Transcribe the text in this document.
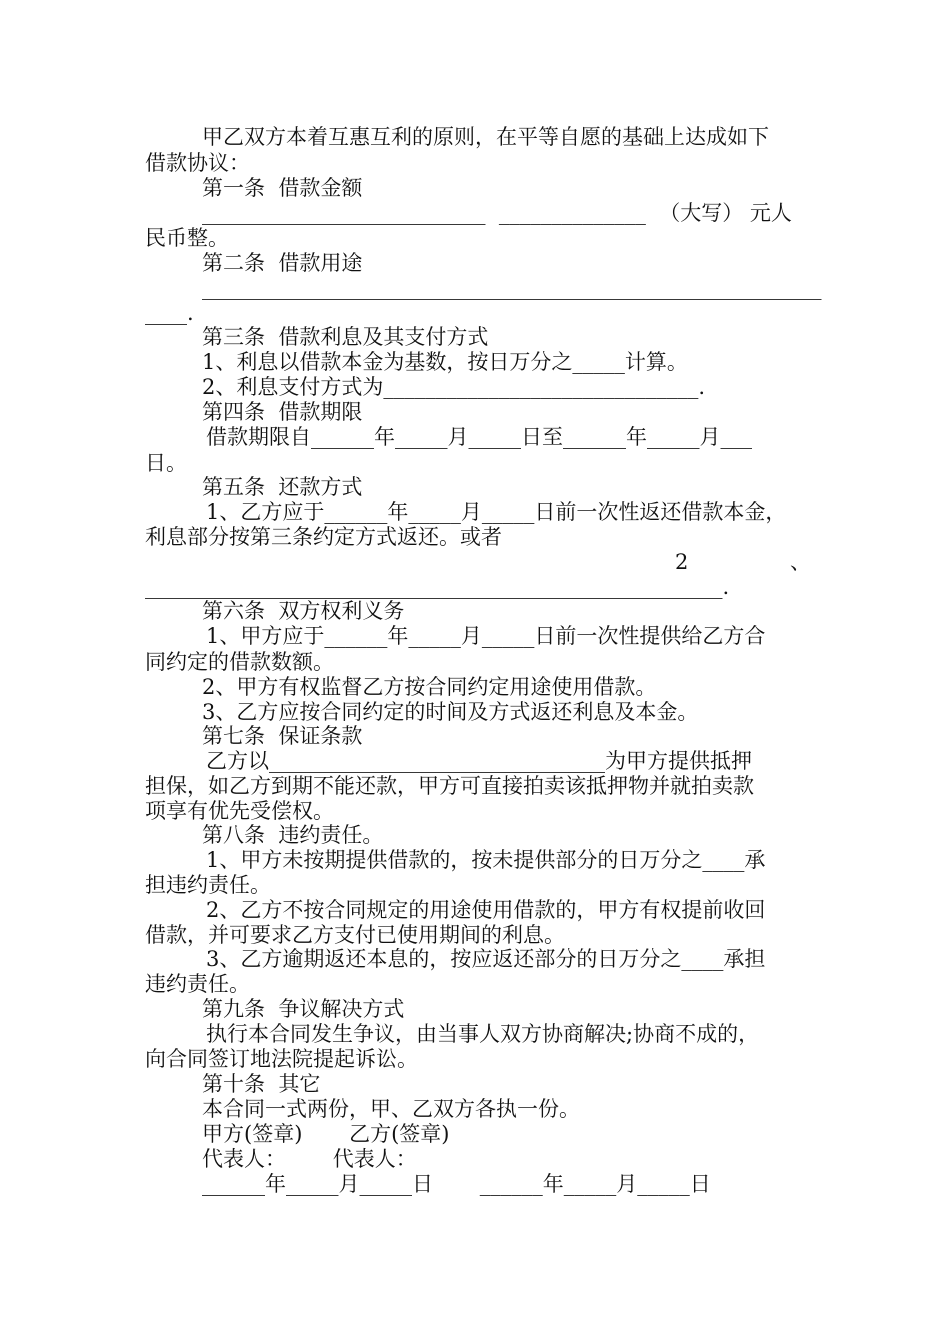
甲乙双方本着互惠互利的原则，在平等自愿的基础上达成如下
借款协议：
第一条  借款金额
___________________________  ______________  （大写） 元人
民币整。
第二条  借款用途
___________________________________________________________
____.
第三条  借款利息及其支付方式
1、利息以借款本金为基数，按日万分之_____计算。
2、利息支付方式为______________________________.
第四条  借款期限
借款期限自______年_____月_____日至______年_____月___
日。
第五条  还款方式
1、乙方应于______年_____月_____日前一次性返还借款本金，
利息部分按第三条约定方式返还。或者
2	、
_______________________________________________________.
第六条  双方权利义务
1、甲方应于______年_____月_____日前一次性提供给乙方合
同约定的借款数额。
2、甲方有权监督乙方按合同约定用途使用借款。
3、乙方应按合同约定的时间及方式返还利息及本金。
第七条  保证条款
乙方以________________________________为甲方提供抵押
担保，如乙方到期不能还款，甲方可直接拍卖该抵押物并就拍卖款
项享有优先受偿权。
第八条  违约责任。
1、甲方未按期提供借款的，按未提供部分的日万分之____承
担违约责任。
2、乙方不按合同规定的用途使用借款的，甲方有权提前收回
借款，并可要求乙方支付已使用期间的利息。
3、乙方逾期返还本息的，按应返还部分的日万分之____承担
违约责任。
第九条  争议解决方式
执行本合同发生争议，由当事人双方协商解决;协商不成的，
向合同签订地法院提起诉讼。
第十条  其它
本合同一式两份，甲、乙双方各执一份。
甲方(签章)       乙方(签章)
代表人：       代表人：
______年_____月_____日       ______年_____月_____日
